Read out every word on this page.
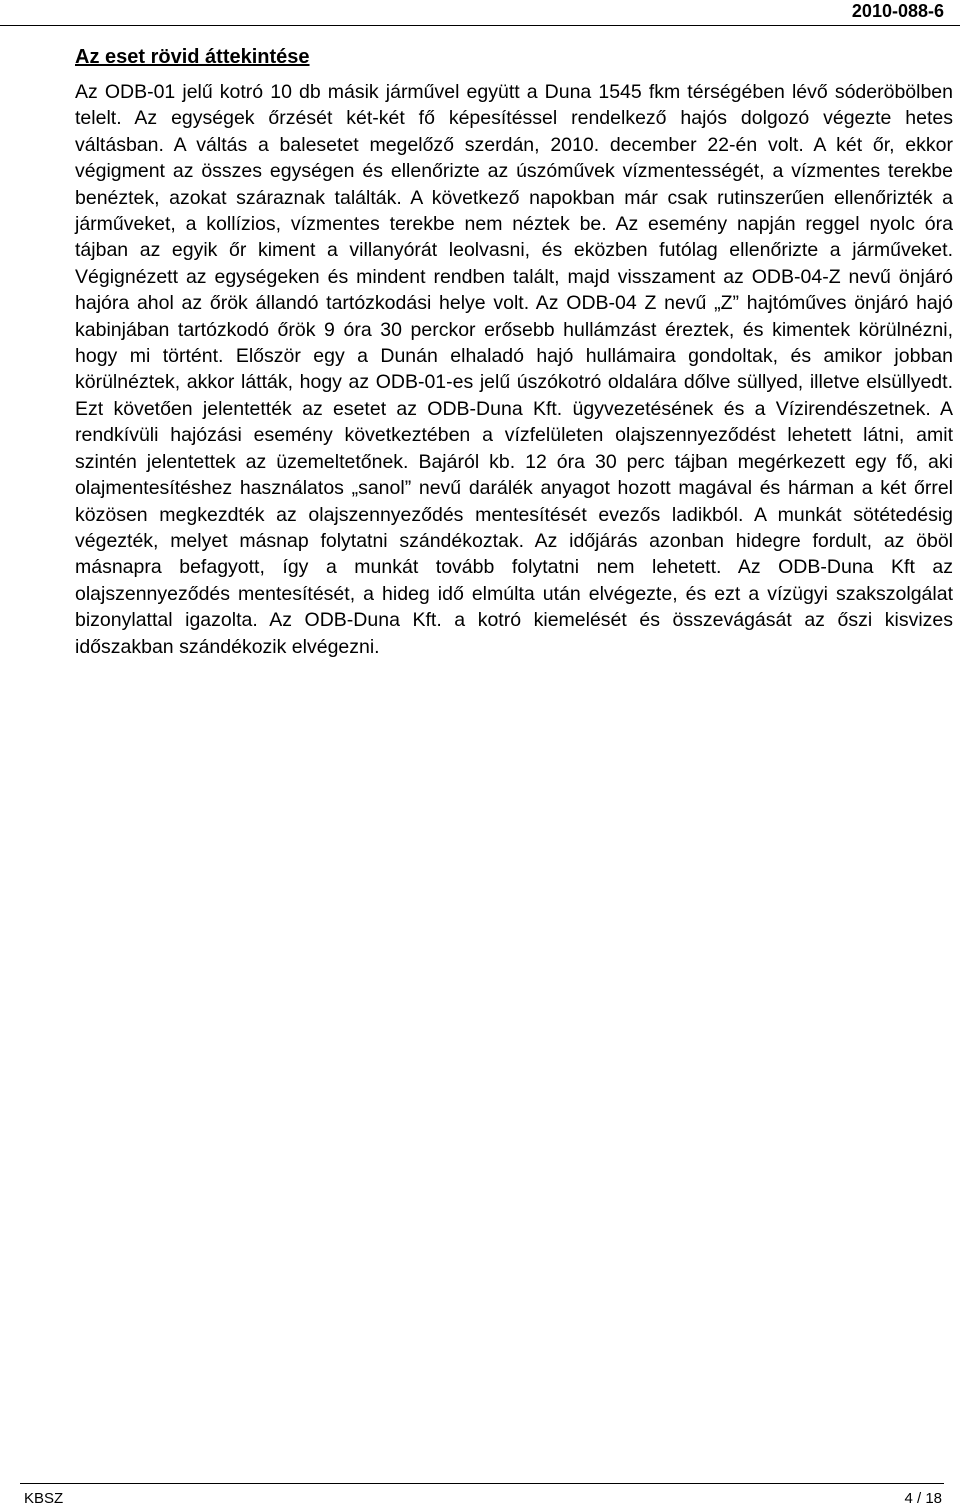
2010-088-6
Az eset rövid áttekintése

Az ODB-01 jelű kotró 10 db másik járművel együtt a Duna 1545 fkm térségében lévő sóderöbölben telelt. Az egységek őrzését két-két fő képesítéssel rendelkező hajós dolgozó végezte hetes váltásban. A váltás a balesetet megelőző szerdán, 2010. december 22-én volt. A két őr, ekkor végigment az összes egységen és ellenőrizte az úszóművek vízmentességét, a vízmentes terekbe benéztek, azokat száraznak találták. A következő napokban már csak rutinszerűen ellenőrizték a járműveket, a kollízios, vízmentes terekbe nem néztek be. Az esemény napján reggel nyolc óra tájban az egyik őr kiment a villanyórát leolvasni, és eközben futólag ellenőrizte a járműveket. Végignézett az egységeken és mindent rendben talált, majd visszament az ODB-04-Z nevű önjáró hajóra ahol az őrök állandó tartózkodási helye volt. Az ODB-04 Z nevű „Z” hajtóműves önjáró hajó kabinjában tartózkodó őrök 9 óra 30 perckor erősebb hullámzást éreztek, és kimentek körülnézni, hogy mi történt. Először egy a Dunán elhaladó hajó hullámaira gondoltak, és amikor jobban körülnéztek, akkor látták, hogy az ODB-01-es jelű úszókotró oldalára dőlve süllyed, illetve elsüllyedt. Ezt követően jelentették az esetet az ODB-Duna Kft. ügyvezetésének és a Vízirendészetnek. A rendkívüli hajózási esemény következtében a vízfelületen olajszennyeződést lehetett látni, amit szintén jelentettek az üzemeltetőnek. Bajáról kb. 12 óra 30 perc tájban megérkezett egy fő, aki olajmentesítéshez használatos „sanol” nevű darálék anyagot hozott magával és hárman a két őrrel közösen megkezdték az olajszennyeződés mentesítését evezős ladikból. A munkát sötétedésig végezték, melyet másnap folytatni szándékoztak. Az időjárás azonban hidegre fordult, az öböl másnapra befagyott, így a munkát tovább folytatni nem lehetett. Az ODB-Duna Kft az olajszennyeződés mentesítését, a hideg idő elmúlta után elvégezte, és ezt a vízügyi szakszolgálat bizonylattal igazolta. Az ODB-Duna Kft. a kotró kiemelését és összevágását az őszi kisvizes időszakban szándékozik elvégezni.

KBSZ	4 / 18
